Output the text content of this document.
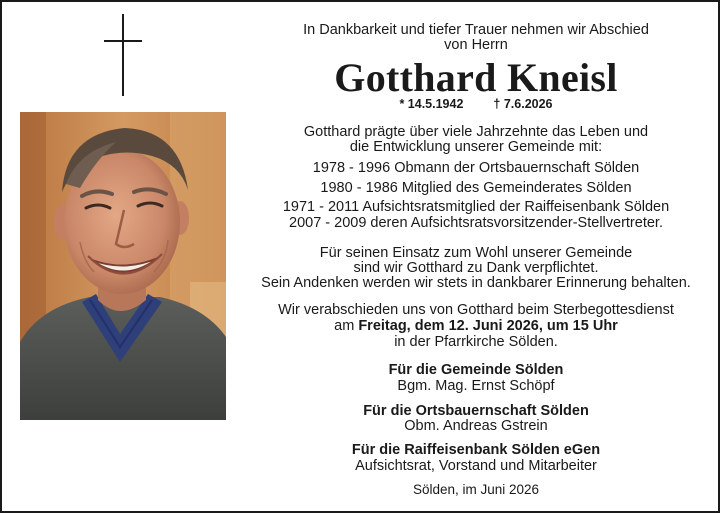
In Dankbarkeit und tiefer Trauer nehmen wir Abschied
von Herrn
Gotthard Kneisl
* 14.5.1942 † 7.6.2026
Gotthard prägte über viele Jahrzehnte das Leben und
die Entwicklung unserer Gemeinde mit:
1978 - 1996 Obmann der Ortsbauernschaft Sölden
1980 - 1986 Mitglied des Gemeinderates Sölden
1971 - 2011 Aufsichtsratsmitglied der Raiffeisenbank Sölden
2007 - 2009 deren Aufsichtsratsvorsitzender-Stellvertreter.
Für seinen Einsatz zum Wohl unserer Gemeinde
sind wir Gotthard zu Dank verpflichtet.
Sein Andenken werden wir stets in dankbarer Erinnerung behalten.
Wir verabschieden uns von Gotthard beim Sterbegottesdienst
am Freitag, dem 12. Juni 2026, um 15 Uhr
in der Pfarrkirche Sölden.
Für die Gemeinde Sölden
Bgm. Mag. Ernst Schöpf
Für die Ortsbauernschaft Sölden
Obm. Andreas Gstrein
Für die Raiffeisenbank Sölden eGen
Aufsichtsrat, Vorstand und Mitarbeiter
Sölden, im Juni 2026
